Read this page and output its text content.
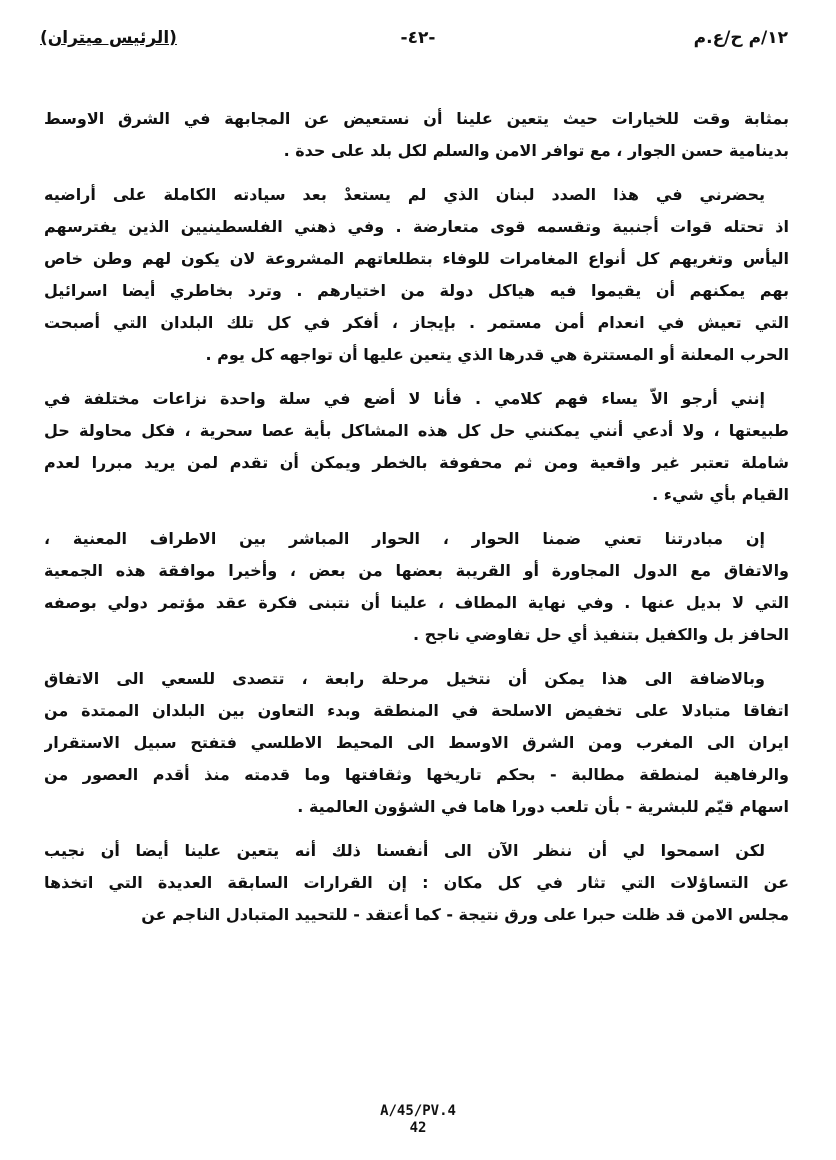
١٢/م ح/ع.م
-٤٢-
(الرئيس ميتران)
بمثابة وقت للخيارات حيث يتعين علينا أن نستعيض عن المجابهة في الشرق الاوسط
بدينامية حسن الجوار ، مع توافر الامن والسلم لكل بلد على حدة .
يحضرني في هذا الصدد لبنان الذي لم يستعدْ بعد سيادته الكاملة على أراضيه
اذ تحتله قوات أجنبية وتقسمه قوى متعارضة . وفي ذهني الفلسطينيين الذين يفترسهم
اليأس وتغريهم كل أنواع المغامرات للوفاء بتطلعاتهم المشروعة لان يكون لهم وطن خاص
بهم يمكنهم أن يقيموا فيه هياكل دولة من اختيارهم . وترد بخاطري أيضا اسرائيل
التي تعيش في انعدام أمن مستمر . بإيجاز ، أفكر في كل تلك البلدان التي أصبحت
الحرب المعلنة أو المستترة هي قدرها الذي يتعين عليها أن تواجهه كل يوم .
إنني أرجو الاّ يساء فهم كلامي . فأنا لا أضع في سلة واحدة نزاعات مختلفة في
طبيعتها ، ولا أدعي أنني يمكنني حل كل هذه المشاكل بأية عصا سحرية ، فكل محاولة حل
شاملة تعتبر غير واقعية ومن ثم محفوفة بالخطر ويمكن أن تقدم لمن يريد مبررا لعدم
القيام بأي شيء .
إن مبادرتنا تعني ضمنا الحوار ، الحوار المباشر بين الاطراف المعنية ،
والاتفاق مع الدول المجاورة أو القريبة بعضها من بعض ، وأخيرا موافقة هذه الجمعية
التي لا بديل عنها . وفي نهاية المطاف ، علينا أن نتبنى فكرة عقد مؤتمر دولي بوصفه
الحافز بل والكفيل بتنفيذ أي حل تفاوضي ناجح .
وبالاضافة الى هذا يمكن أن نتخيل مرحلة رابعة ، تتصدى للسعي الى الاتفاق
اتفاقا متبادلا على تخفيض الاسلحة في المنطقة وبدء التعاون بين البلدان الممتدة من
ايران الى المغرب ومن الشرق الاوسط الى المحيط الاطلسي فتفتح سبيل الاستقرار
والرفاهية لمنطقة مطالبة - بحكم تاريخها وثقافتها وما قدمته منذ أقدم العصور من
اسهام قيّم للبشرية - بأن تلعب دورا هاما في الشؤون العالمية .
لكن اسمحوا لي أن ننظر الآن الى أنفسنا ذلك أنه يتعين علينا أيضا أن نجيب
عن التساؤلات التي تثار في كل مكان : إن القرارات السابقة العديدة التي اتخذها
مجلس الامن قد ظلت حبرا على ورق نتيجة - كما أعتقد - للتحييد المتبادل الناجم عن
A/45/PV.4
42
